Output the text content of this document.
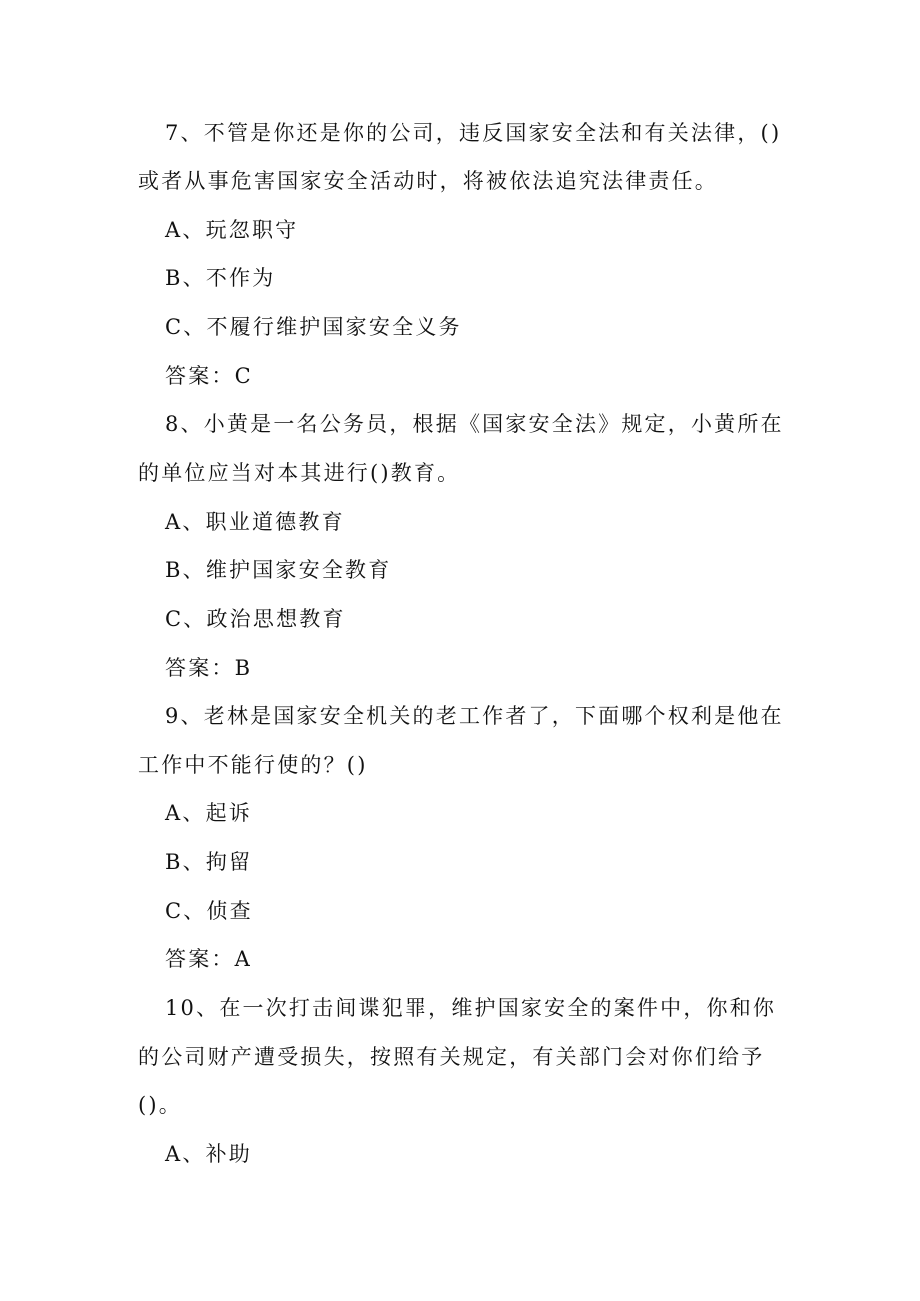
7、不管是你还是你的公司，违反国家安全法和有关法律，()
或者从事危害国家安全活动时，将被依法追究法律责任。
A、玩忽职守
B、不作为
C、不履行维护国家安全义务
答案：C
8、小黄是一名公务员，根据《国家安全法》规定，小黄所在
的单位应当对本其进行()教育。
A、职业道德教育
B、维护国家安全教育
C、政治思想教育
答案：B
9、老林是国家安全机关的老工作者了，下面哪个权利是他在
工作中不能行使的？()
A、起诉
B、拘留
C、侦查
答案：A
10、在一次打击间谍犯罪，维护国家安全的案件中，你和你
的公司财产遭受损失，按照有关规定，有关部门会对你们给予
()。
A、补助
